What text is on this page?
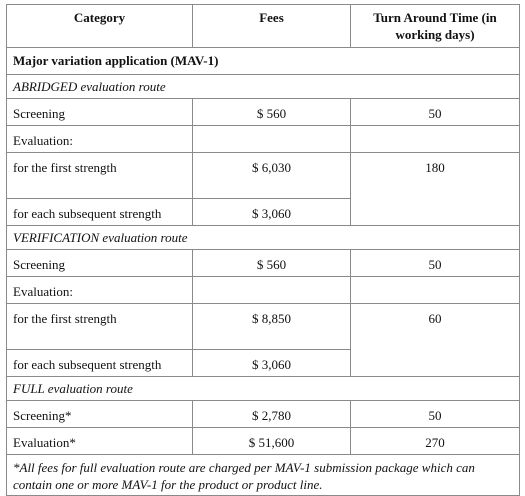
Category	Fees	Turn Around Time (in working days)
Major variation application (MAV-1)		
ABRIDGED evaluation route		
Screening	$ 560	50
Evaluation:		
for the first strength	$ 6,030	180
for each subsequent strength	$ 3,060	
VERIFICATION evaluation route		
Screening	$ 560	50
Evaluation:		
for the first strength	$ 8,850	60
for each subsequent strength	$ 3,060	
FULL evaluation route		
Screening*	$ 2,780	50
Evaluation*	$ 51,600	270
*All fees for full evaluation route are charged per MAV-1 submission package which can contain one or more MAV-1 for the product or product line.		
